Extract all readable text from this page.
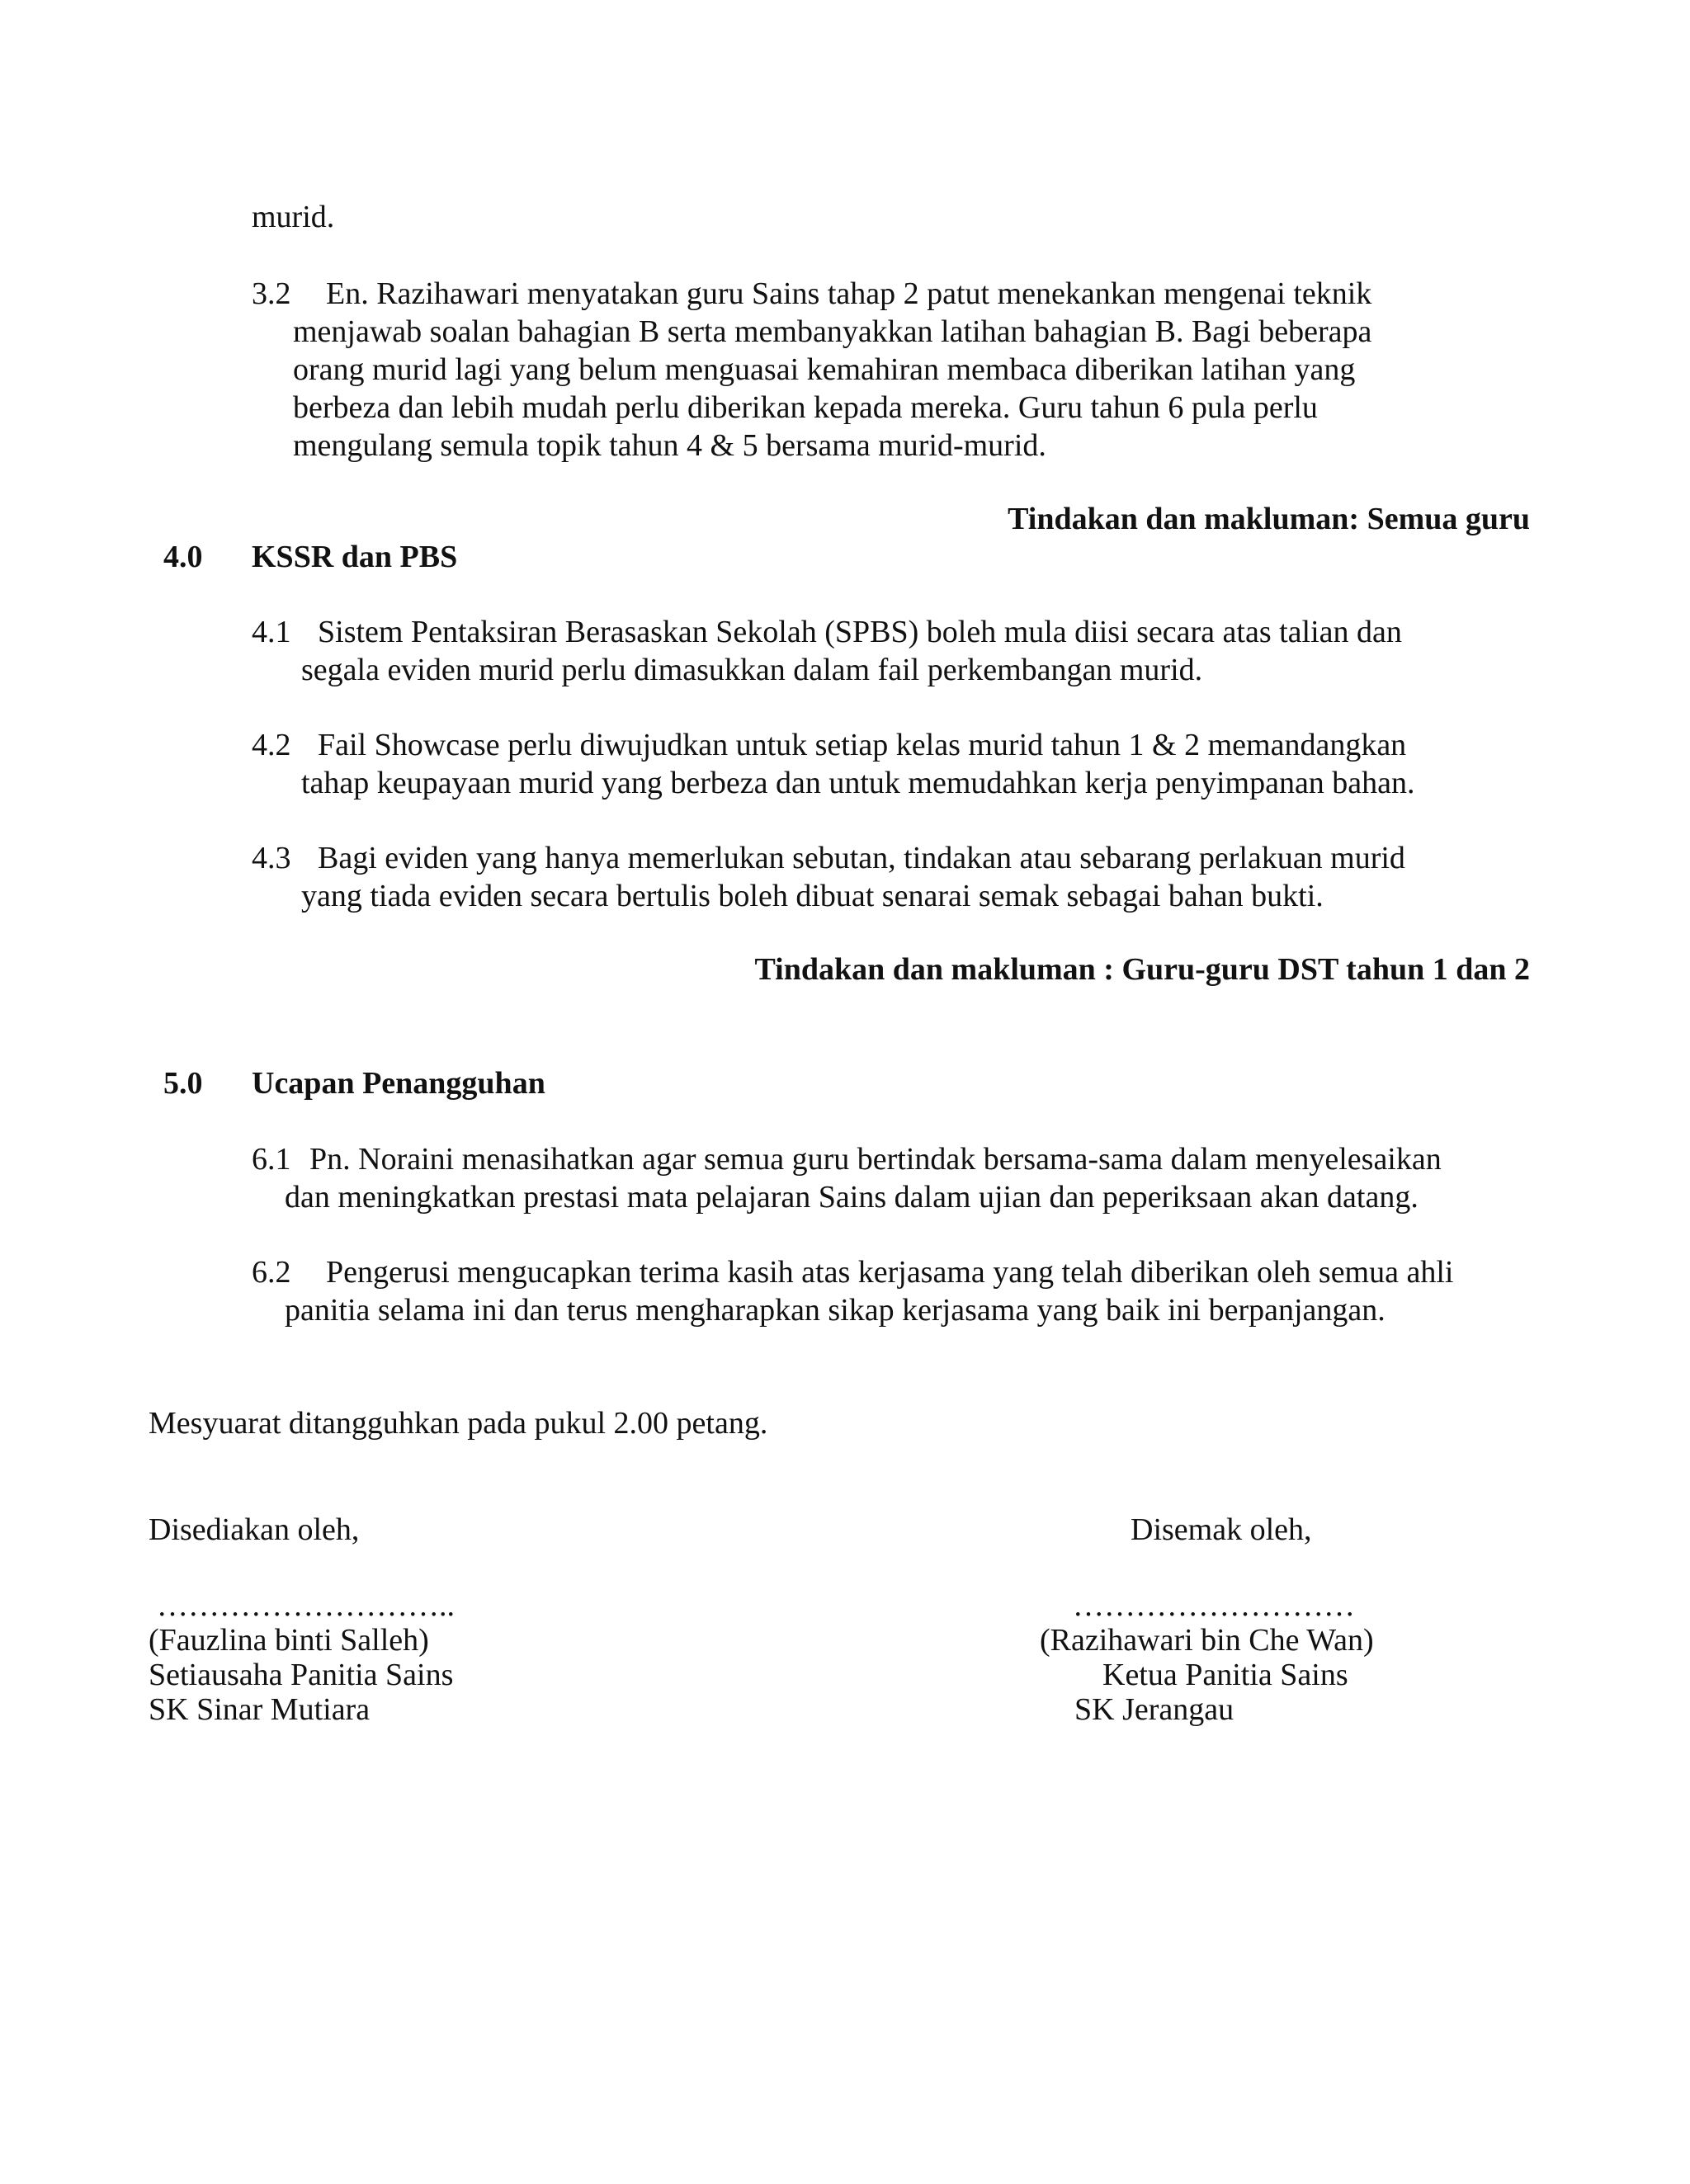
murid.
3.2 En. Razihawari menyatakan guru Sains tahap 2 patut menekankan mengenai teknik
menjawab soalan bahagian B serta membanyakkan latihan bahagian B. Bagi beberapa
orang murid lagi yang belum menguasai kemahiran membaca diberikan latihan yang
berbeza dan lebih mudah perlu diberikan kepada mereka. Guru tahun 6 pula perlu
mengulang semula topik tahun 4 & 5 bersama murid-murid.
Tindakan dan makluman: Semua guru
4.0 KSSR dan PBS
4.1 Sistem Pentaksiran Berasaskan Sekolah (SPBS) boleh mula diisi secara atas talian dan
segala eviden murid perlu dimasukkan dalam fail perkembangan murid.
4.2 Fail Showcase perlu diwujudkan untuk setiap kelas murid tahun 1 & 2 memandangkan
tahap keupayaan murid yang berbeza dan untuk memudahkan kerja penyimpanan bahan.
4.3 Bagi eviden yang hanya memerlukan sebutan, tindakan atau sebarang perlakuan murid
yang tiada eviden secara bertulis boleh dibuat senarai semak sebagai bahan bukti.
Tindakan dan makluman : Guru-guru DST tahun 1 dan 2
5.0 Ucapan Penangguhan
6.1 Pn. Noraini menasihatkan agar semua guru bertindak bersama-sama dalam menyelesaikan
dan meningkatkan prestasi mata pelajaran Sains dalam ujian dan peperiksaan akan datang.
6.2 Pengerusi mengucapkan terima kasih atas kerjasama yang telah diberikan oleh semua ahli
panitia selama ini dan terus mengharapkan sikap kerjasama yang baik ini berpanjangan.
Mesyuarat ditangguhkan pada pukul 2.00 petang.
Disediakan oleh,
………………………..
(Fauzlina binti Salleh)
Setiausaha Panitia Sains
SK Sinar Mutiara
Disemak oleh,
………………………
(Razihawari bin Che Wan)
Ketua Panitia Sains
SK Jerangau
